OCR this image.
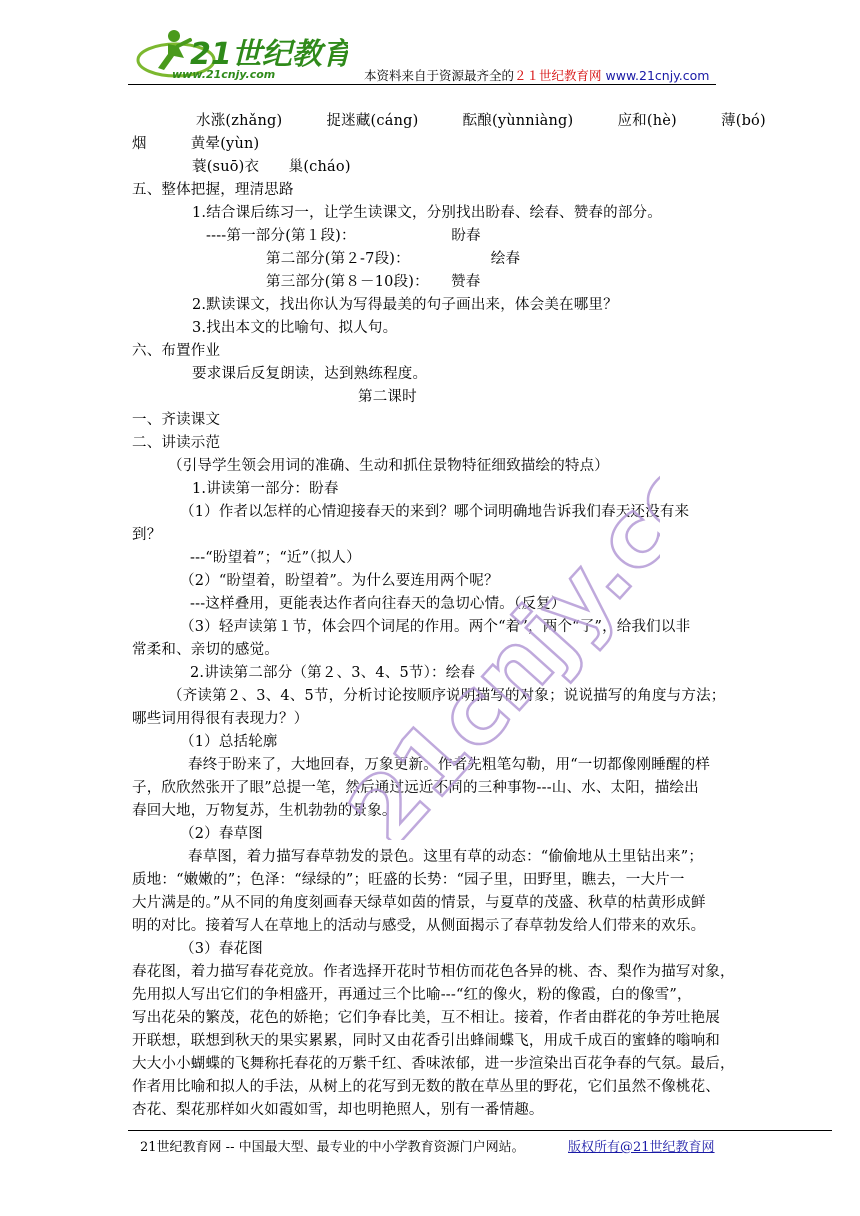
21世纪教育
www.21cnjy.com	本资料来自于资源最齐全的２１世纪教育网 www.21cnjy.com
水涨(zhǎng)　　　捉迷藏(cáng)　　　酝酿(yùnniàng)　　　应和(hè)　　　薄(bó)
烟　　　黄晕(yùn)
蓑(suō)衣　　巢(cháo)
五、整体把握，理清思路
1.结合课后练习一，让学生读课文，分别找出盼春、绘春、赞春的部分。
----第一部分(第１段)：　　　　　　　盼春
第二部分(第２-7段)：　　　　　　绘春
第三部分(第８－10段)：　　赞春
2.默读课文，找出你认为写得最美的句子画出来，体会美在哪里？
3.找出本文的比喻句、拟人句。
六、布置作业
要求课后反复朗读，达到熟练程度。
第二课时
一、齐读课文
二、讲读示范
（引导学生领会用词的准确、生动和抓住景物特征细致描绘的特点）
1.讲读第一部分：盼春
（1）作者以怎样的心情迎接春天的来到？哪个词明确地告诉我们春天还没有来
到？
---“盼望着”；“近”（拟人）
（2）“盼望着，盼望着”。为什么要连用两个呢？
---这样叠用，更能表达作者向往春天的急切心情。（反复）
（3）轻声读第１节，体会四个词尾的作用。两个“着”，两个“了”，给我们以非
常柔和、亲切的感觉。
2.讲读第二部分（第２、3、4、5节）：绘春
（齐读第２、3、4、5节，分析讨论按顺序说明描写的对象；说说描写的角度与方法；
哪些词用得很有表现力？）
（1）总括轮廓
春终于盼来了，大地回春，万象更新。作者先粗笔勾勒，用“一切都像刚睡醒的样
子，欣欣然张开了眼”总提一笔，然后通过远近不同的三种事物---山、水、太阳，描绘出
春回大地，万物复苏，生机勃勃的景象。
（2）春草图
春草图，着力描写春草勃发的景色。这里有草的动态：“偷偷地从土里钻出来”；
质地：“嫩嫩的”；色泽：“绿绿的”；旺盛的长势：“园子里，田野里，瞧去，一大片一
大片满是的。”从不同的角度刻画春天绿草如茵的情景，与夏草的茂盛、秋草的枯黄形成鲜
明的对比。接着写人在草地上的活动与感受，从侧面揭示了春草勃发给人们带来的欢乐。
（3）春花图
春花图，着力描写春花竞放。作者选择开花时节相仿而花色各异的桃、杏、梨作为描写对象，
先用拟人写出它们的争相盛开，再通过三个比喻---“红的像火，粉的像霞，白的像雪”，
写出花朵的繁茂，花色的娇艳；它们争春比美，互不相让。接着，作者由群花的争芳吐艳展
开联想，联想到秋天的果实累累，同时又由花香引出蜂闹蝶飞，用成千成百的蜜蜂的嗡响和
大大小小蝴蝶的飞舞称托春花的万紫千红、香味浓郁，进一步渲染出百花争春的气氛。最后，
作者用比喻和拟人的手法，从树上的花写到无数的散在草丛里的野花，它们虽然不像桃花、
杏花、梨花那样如火如霞如雪，却也明艳照人，别有一番情趣。
21cnjy.com
21世纪教育网 -- 中国最大型、最专业的中小学教育资源门户网站。	版权所有@21世纪教育网
